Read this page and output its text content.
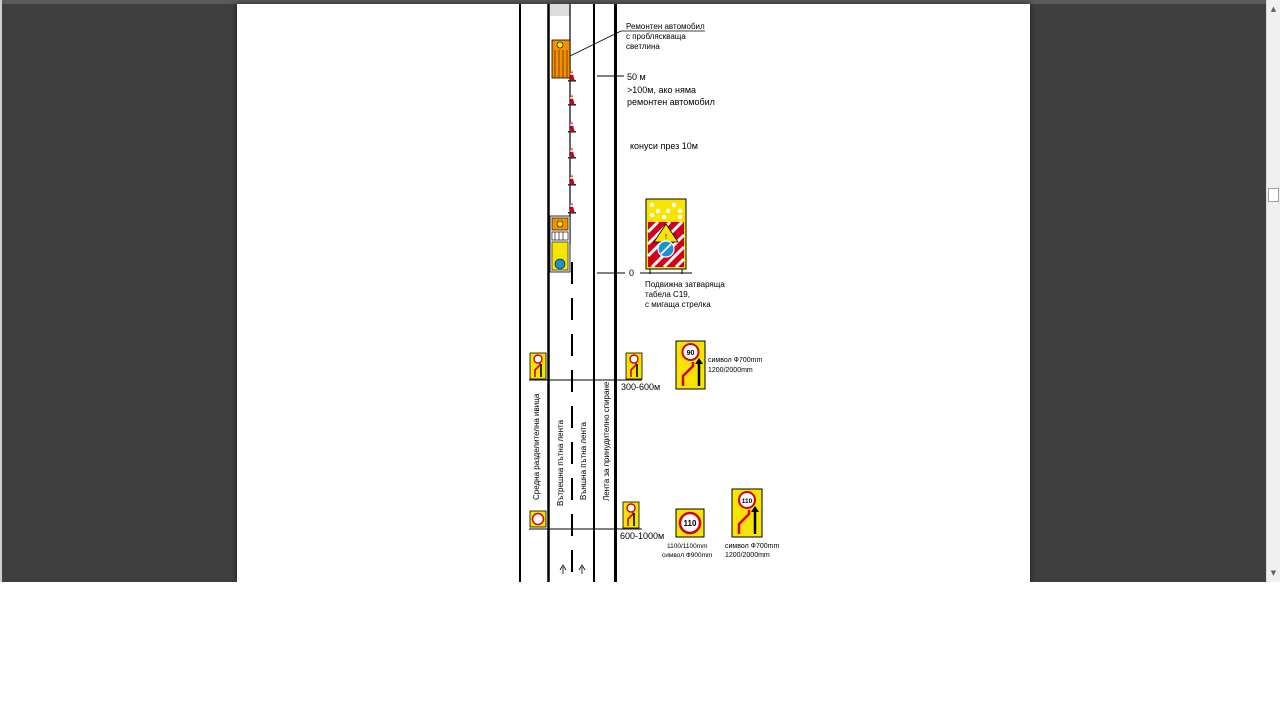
Ремонтен автомобил
с пробляскваща
светлина
50 м
>100м, ако няма
ремонтен автомобил
конуси през 10м
!
0
Подвижна затваряща
табела С19,
с мигаща стрелка
300-600м
90
символ Ф700mm
1200/2000mm
Средна разделителна ивица Вътрешна пътна лента Външна пътна лента Лента за принудително спиране
600-1000м
110
1100/1100mm
символ Ф900mm
110
символ Ф700mm
1200/2000mm
▲
▼
